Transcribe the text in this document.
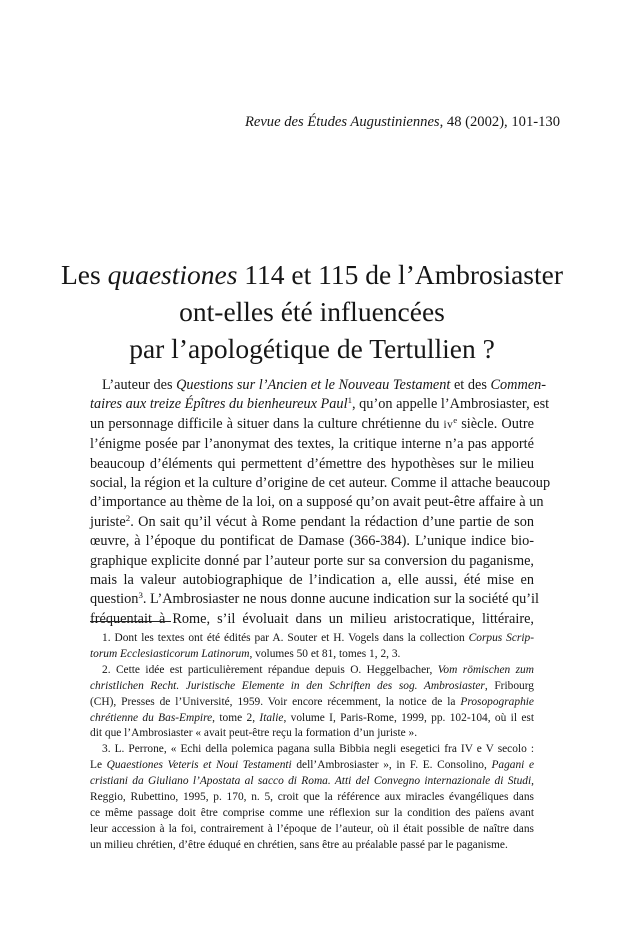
Revue des Études Augustiniennes, 48 (2002), 101-130
Les quaestiones 114 et 115 de l’Ambrosiaster
ont-elles été influencées
par l’apologétique de Tertullien ?
L’auteur des Questions sur l’Ancien et le Nouveau Testament et des Commen-
taires aux treize Épîtres du bienheureux Paul$^1$, qu’on appelle l’Ambrosiaster, est
un personnage difficile à situer dans la culture chrétienne du $iv^e$ siècle. Outre
l’énigme posée par l’anonymat des textes, la critique interne n’a pas apporté
beaucoup d’éléments qui permettent d’émettre des hypothèses sur le milieu
social, la région et la culture d’origine de cet auteur. Comme il attache beaucoup
d’importance au thème de la loi, on a supposé qu’on avait peut-être affaire à un
juriste$^2$. On sait qu’il vécut à Rome pendant la rédaction d’une partie de son
œuvre, à l’époque du pontificat de Damase (366-384). L’unique indice bio-
graphique explicite donné par l’auteur porte sur sa conversion du paganisme,
mais la valeur autobiographique de l’indication a, elle aussi, été mise en
question$^3$. L’Ambrosiaster ne nous donne aucune indication sur la société qu’il
fréquentait à Rome, s’il évoluait dans un milieu aristocratique, littéraire,
1. Dont les textes ont été édités par A. Souter et H. Vogels dans la collection Corpus Scrip-
torum Ecclesiasticorum Latinorum, volumes 50 et 81, tomes 1, 2, 3.
2. Cette idée est particulièrement répandue depuis O. Heggelbacher, Vom römischen zum
christlichen Recht. Juristische Elemente in den Schriften des sog. Ambrosiaster, Fribourg
(CH), Presses de l’Université, 1959. Voir encore récemment, la notice de la Prosopographie
chrétienne du Bas-Empire, tome 2, Italie, volume I, Paris-Rome, 1999, pp. 102-104, où il est
dit que l’Ambrosiaster « avait peut-être reçu la formation d’un juriste ».
3. L. Perrone, « Echi della polemica pagana sulla Bibbia negli esegetici fra IV e V secolo :
Le Quaestiones Veteris et Noui Testamenti dell’Ambrosiaster », in F. E. Consolino, Pagani e
cristiani da Giuliano l’Apostata al sacco di Roma. Atti del Convegno internazionale di Studi,
Reggio, Rubettino, 1995, p. 170, n. 5, croit que la référence aux miracles évangéliques dans
ce même passage doit être comprise comme une réflexion sur la condition des païens avant
leur accession à la foi, contrairement à l’époque de l’auteur, où il était possible de naître dans
un milieu chrétien, d’être éduqué en chrétien, sans être au préalable passé par le paganisme.
